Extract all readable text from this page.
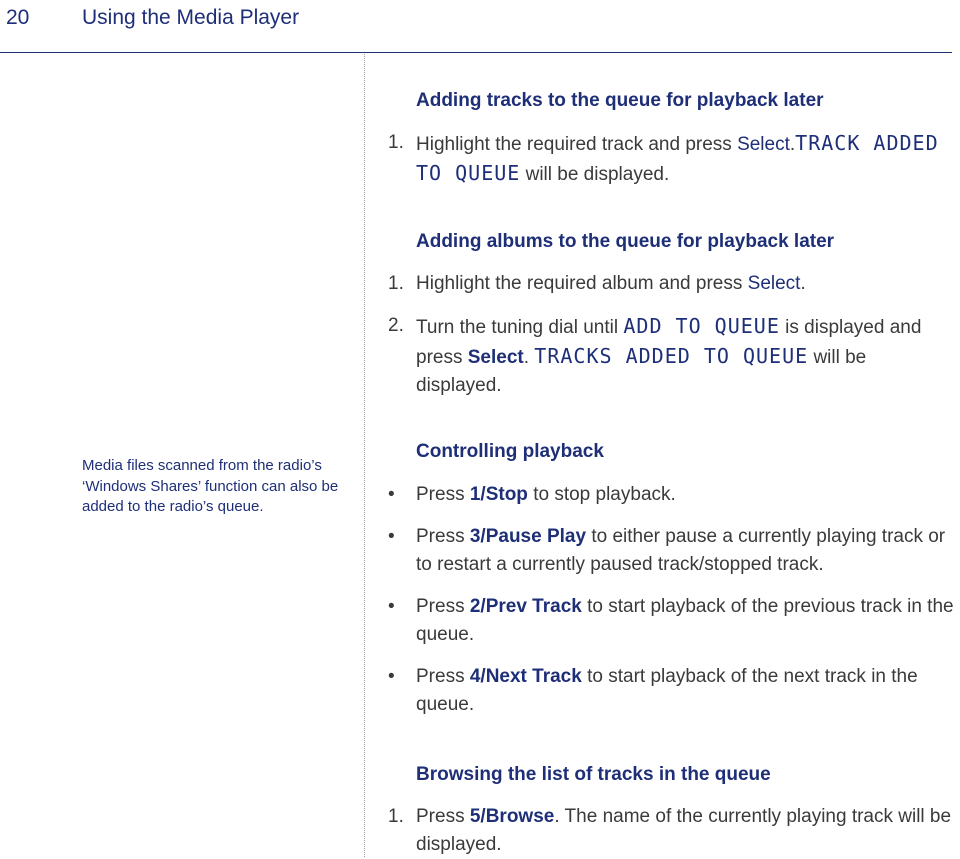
20	Using the Media Player
Media files scanned from the radio’s ‘Windows Shares’ function can also be added to the radio’s queue.
Adding tracks to the queue for playback later
1. Highlight the required track and press Select.TRACK ADDED TO QUEUE will be displayed.
Adding albums to the queue for playback later
1. Highlight the required album and press Select.
2. Turn the tuning dial until ADD TO QUEUE is displayed and press Select. TRACKS ADDED TO QUEUE will be displayed.
Controlling playback
• Press 1/Stop to stop playback.
• Press 3/Pause Play to either pause a currently playing track or to restart a currently paused track/stopped track.
• Press 2/Prev Track to start playback of the previous track in the queue.
• Press 4/Next Track to start playback of the next track in the queue.
Browsing the list of tracks in the queue
1. Press 5/Browse. The name of the currently playing track will be displayed.
